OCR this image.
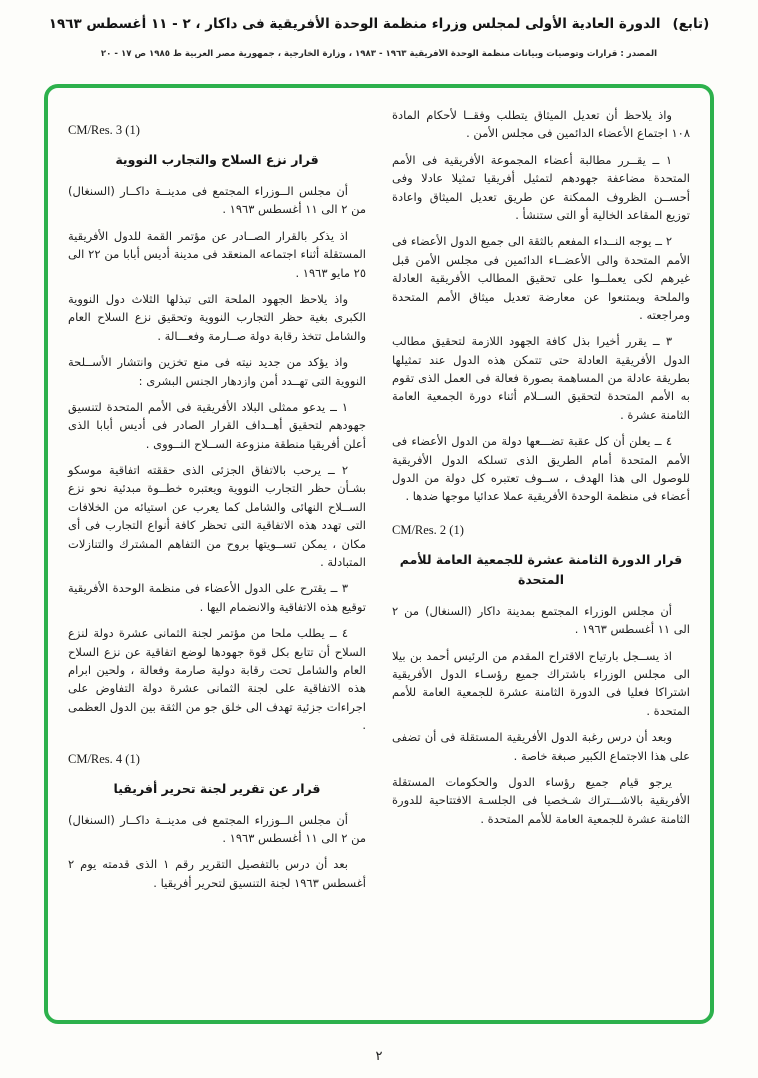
(تابع)
الدورة العادية الأولى لمجلس وزراء منظمة الوحدة الأفريقية فى داكار ، ٢ - ١١ أغسطس ١٩٦٣
المصدر : قرارات وتوصيات وبيانات منظمة الوحدة الأفريقية ١٩٦٣ - ١٩٨٣ ، وزارة الخارجية ، جمهورية مصر العربية ط ١٩٨٥ ص ١٧ - ٢٠
واذ يلاحظ أن تعديل الميثاق يتطلب وفقــا لأحكام المادة ١٠٨ اجتماع الأعضاء الدائمين فى مجلس الأمن .
١ ــ يقــرر مطالبة أعضاء المجموعة الأفريقية فى الأمم المتحدة مضاعفة جهودهم لتمثيل أفريقيا تمثيلا عادلا وفى أحســن الظروف الممكنة عن طريق تعديل الميثاق واعادة توزيع المقاعد الخالية أو التى ستنشأ .
٢ ــ يوجه النــداء المفعم بالثقة الى جميع الدول الأعضاء فى الأمم المتحدة والى الأعضــاء الدائمين فى مجلس الأمن قبل غيرهم لكى يعملــوا على تحقيق المطالب الأفريقية العادلة والملحة ويمتنعوا عن معارضة تعديل ميثاق الأمم المتحدة ومراجعته .
٣ ــ يقرر أخيرا بذل كافة الجهود اللازمة لتحقيق مطالب الدول الأفريقية العادلة حتى تتمكن هذه الدول عند تمثيلها بطريقة عادلة من المساهمة بصورة فعالة فى العمل الذى تقوم به الأمم المتحدة لتحقيق الســلام أثناء دورة الجمعية العامة الثامنة عشرة .
٤ ــ يعلن أن كل عقبة تضـــعها دولة من الدول الأعضاء فى الأمم المتحدة أمام الطريق الذى تسلكه الدول الأفريقية للوصول الى هذا الهدف ، ســوف تعتبره كل دولة من الدول أعضاء فى منظمة الوحدة الأفريقية عملا عدائيا موجها ضدها .
CM/Res. 2 (1)
قرار الدورة الثامنة عشرة للجمعية العامة للأمم المتحدة
أن مجلس الوزراء المجتمع بمدينة داكار (السنغال) من ٢ الى ١١ أغسطس ١٩٦٣ .
اذ يســجل بارتياح الاقتراح المقدم من الرئيس أحمد بن بيلا الى مجلس الوزراء باشتراك جميع رؤسـاء الدول الأفريقية اشتراكا فعليا فى الدورة الثامنة عشرة للجمعية العامة للأمم المتحدة .
وبعد أن درس رغبة الدول الأفريقية المستقلة فى أن تضفى على هذا الاجتماع الكبير صبغة خاصة .
يرجو قيام جميع رؤساء الدول والحكومات المستقلة الأفريقية بالاشـــتراك شـخصيا فى الجلسـة الافتتاحية للدورة الثامنة عشرة للجمعية العامة للأمم المتحدة .
CM/Res. 3 (1)
قرار نزع السلاح والتجارب النووية
أن مجلس الــوزراء المجتمع فى مدينــة داكــار (السنغال) من ٢ الى ١١ أغسطس ١٩٦٣ .
اذ يذكر بالقرار الصــادر عن مؤتمر القمة للدول الأفريقية المستقلة أثناء اجتماعه المنعقد فى مدينة أديس أبابا من ٢٢ الى ٢٥ مايو ١٩٦٣ .
واذ يلاحظ الجهود الملحة التى تبذلها الثلاث دول النووية الكبرى بغية حظر التجارب النووية وتحقيق نزع السلاح العام والشامل تتخذ رقابة دولة صــارمة وفعـــالة .
واذ يؤكد من جديد نيته فى منع تخزين وانتشار الأســلحة النووية التى تهــدد أمن وازدهار الجنس البشرى :
١ ــ يدعو ممثلى البلاد الأفريقية فى الأمم المتحدة لتنسيق جهودهم لتحقيق أهــداف القرار الصادر فى أديس أبابا الذى أعلن أفريقيا منطقة منزوعة الســلاح النــووى .
٢ ــ يرحب بالاتفاق الجزئى الذى حققته اتفاقية موسكو بشـأن حظر التجارب النووية ويعتبره خطــوة مبدئية نحو نزع الســلاح النهائى والشامل كما يعرب عن استيائه من الخلافات التى تهدد هذه الاتفاقية التى تحظر كافة أنواع التجارب فى أى مكان ، يمكن تســويتها بروح من التفاهم المشترك والتنازلات المتبادلة .
٣ ــ يقترح على الدول الأعضاء فى منظمة الوحدة الأفريقية توقيع هذه الاتفاقية والانضمام اليها .
٤ ــ يطلب ملحا من مؤتمر لجنة الثمانى عشرة دولة لنزع السلاح أن تتابع بكل قوة جهودها لوضع اتفاقية عن نزع السلاح العام والشامل تحت رقابة دولية صارمة وفعالة ، ولحين ابرام هذه الاتفاقية على لجنة الثمانى عشرة دولة التفاوض على اجراءات جزئية تهدف الى خلق جو من الثقة بين الدول العظمى .
CM/Res. 4 (1)
قرار عن تقرير لجنة تحرير أفريقيا
أن مجلس الــوزراء المجتمع فى مدينــة داكــار (السنغال) من ٢ الى ١١ أغسطس ١٩٦٣ .
بعد أن درس بالتفصيل التقرير رقم ١ الذى قدمته يوم ٢ أغسطس ١٩٦٣ لجنة التنسيق لتحرير أفريقيا .
٢
